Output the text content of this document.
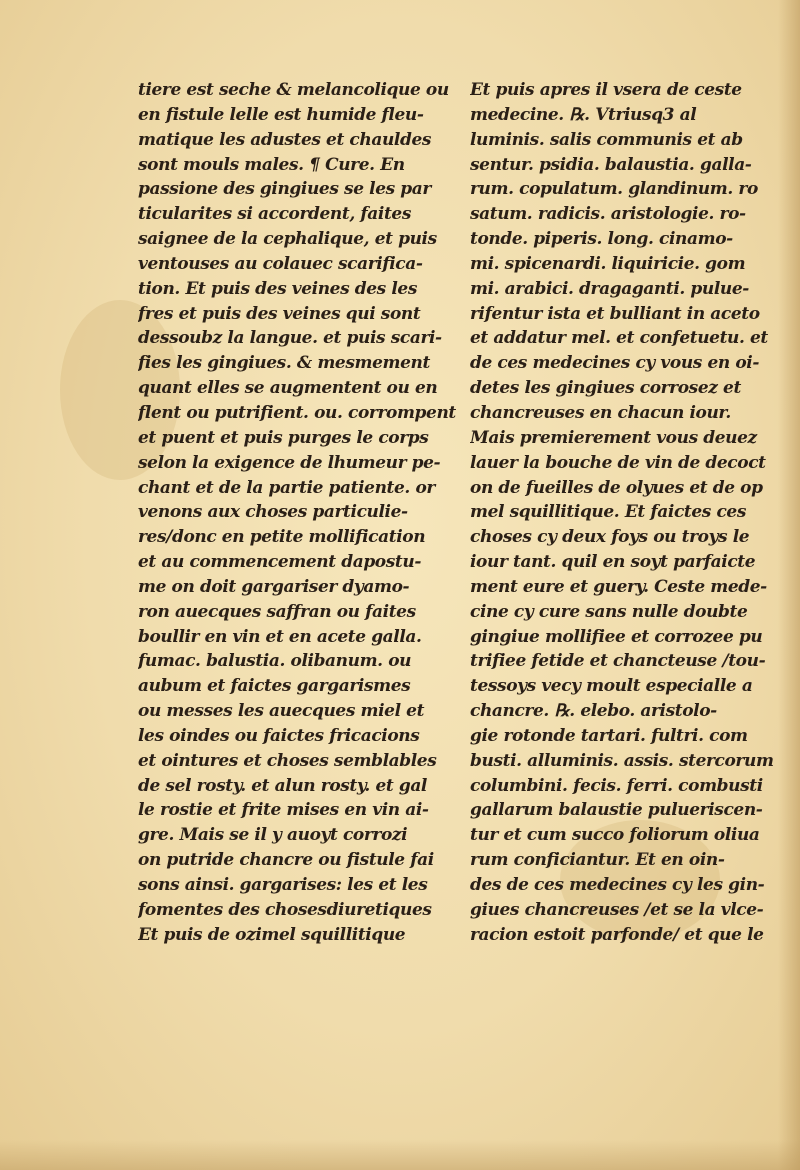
tiere est seche & melancolique ou
en fistule lelle est humide fleu-
matique les adustes et chauldes
sont mouls males. ¶ Cure. En
passione des gingiues se les par
ticularites si accordent, faites
saignee de la cephalique, et puis
ventouses au colauec scarifica-
tion. Et puis des veines des les
fres et puis des veines qui sont
dessoubz la langue. et puis scari-
fies les gingiues. & mesmement
quant elles se augmentent ou en
flent ou putrifient. ou. corrompent
et puent et puis purges le corps
selon la exigence de lhumeur pe-
chant et de la partie patiente. or
venons aux choses particulie-
res/donc en petite mollification
et au commencement dapostu-
me on doit gargariser dyamo-
ron auecques saffran ou faites
boullir en vin et en acete galla.
fumac. balustia. olibanum. ou
aubum et faictes gargarismes
ou messes les auecques miel et
les oindes ou faictes fricacions
et ointures et choses semblables
de sel rosty. et alun rosty. et gal
le rostie et frite mises en vin ai-
gre. Mais se il y auoyt corrozi
on putride chancre ou fistule fai
sons ainsi. gargarises: les et les
fomentes des chosesdiuretiques
Et puis de ozimel squillitique
Et puis apres il vsera de ceste
medecine. ℞. Vtriusq3 al
luminis. salis communis et ab
sentur. psidia. balaustia. galla-
rum. copulatum. glandinum. ro
satum. radicis. aristologie. ro-
tonde. piperis. long. cinamo-
mi. spicenardi. liquiricie. gom
mi. arabici. dragaganti. pulue-
rifentur ista et bulliant in aceto
et addatur mel. et confetuetu. et
de ces medecines cy vous en oi-
detes les gingiues corrosez et
chancreuses en chacun iour.
Mais premierement vous deuez
lauer la bouche de vin de decoct
on de fueilles de olyues et de op
mel squillitique. Et faictes ces
choses cy deux foys ou troys le
iour tant. quil en soyt parfaicte
ment eure et guery. Ceste mede-
cine cy cure sans nulle doubte
gingiue mollifiee et corrozee pu
trifiee fetide et chancteuse /tou-
tessoys vecy moult especialle a
chancre. ℞. elebo. aristolo-
gie rotonde tartari. fultri. com
busti. alluminis. assis. stercorum
columbini. fecis. ferri. combusti
gallarum balaustie pulueriscen-
tur et cum succo foliorum oliua
rum conficiantur. Et en oin-
des de ces medecines cy les gin-
giues chancreuses /et se la vlce-
racion estoit parfonde/ et que le
